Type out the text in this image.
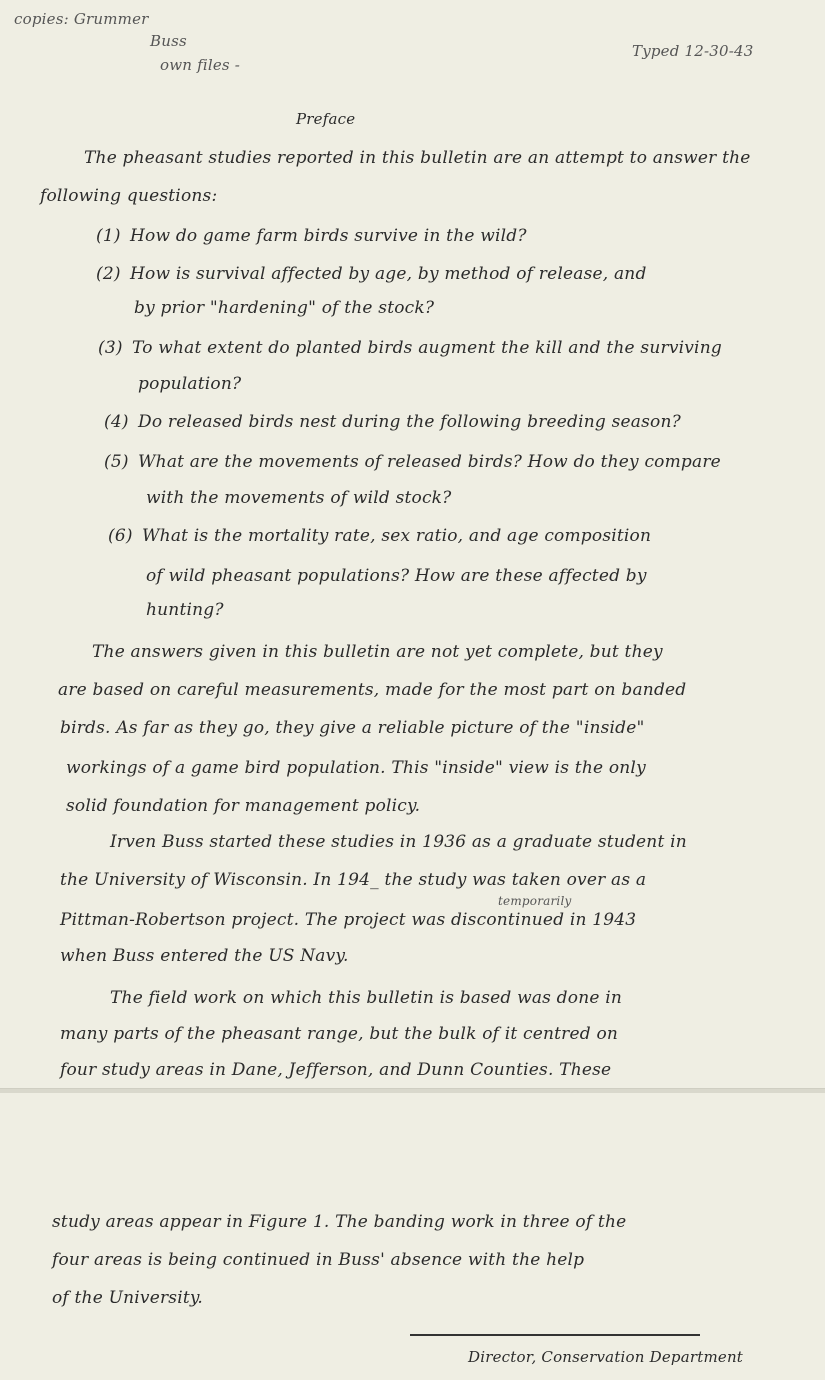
copies: Grummer
Buss
own files -
Typed 12-30-43
Preface
The pheasant studies reported in this bulletin are an attempt to answer the
following questions:
(1) How do game farm birds survive in the wild?
(2) How is survival affected by age, by method of release, and
by prior "hardening" of the stock?
(3) To what extent do planted birds augment the kill and the surviving
population?
(4) Do released birds nest during the following breeding season?
(5) What are the movements of released birds? How do they compare
with the movements of wild stock?
(6) What is the mortality rate, sex ratio, and age composition
of wild pheasant populations? How are these affected by
hunting?
The answers given in this bulletin are not yet complete, but they
are based on careful measurements, made for the most part on banded
birds. As far as they go, they give a reliable picture of the "inside"
workings of a game bird population. This "inside" view is the only
solid foundation for management policy.
Irven Buss started these studies in 1936 as a graduate student in
the University of Wisconsin. In 194_ the study was taken over as a
temporarily
Pittman-Robertson project. The project was discontinued in 1943
when Buss entered the US Navy.
The field work on which this bulletin is based was done in
many parts of the pheasant range, but the bulk of it centred on
four study areas in Dane, Jefferson, and Dunn Counties. These
study areas appear in Figure 1. The banding work in three of the
four areas is being continued in Buss' absence with the help
of the University.
Director, Conservation Department
